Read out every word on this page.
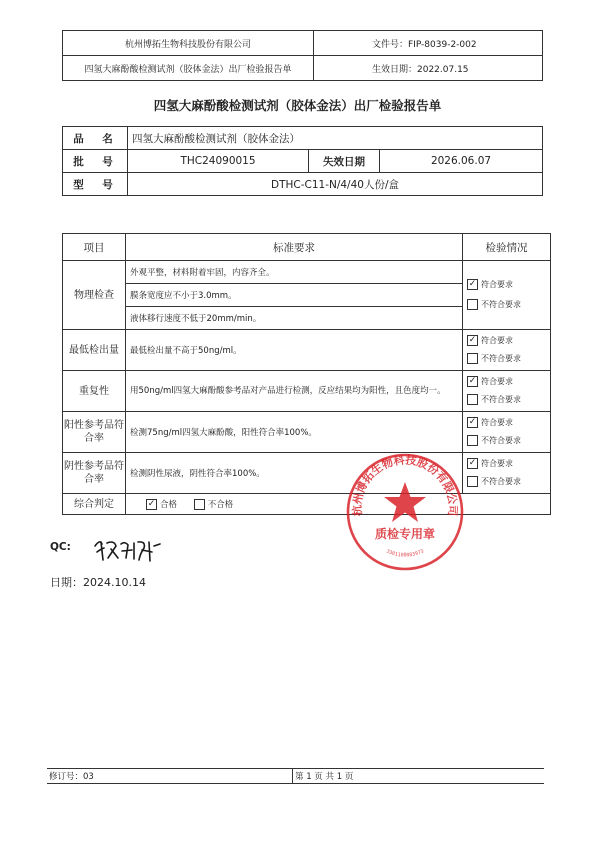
杭州博拓生物科技股份有限公司	文件号：FIP-8039-2-002
四氢大麻酚酸检测试剂（胶体金法）出厂检验报告单	生效日期：2022.07.15
四氢大麻酚酸检测试剂（胶体金法）出厂检验报告单
品　名	四氢大麻酚酸检测试剂（胶体金法）		
批　号	THC24090015	失效日期	2026.06.07
型　号	DTHC-C11-N/4/40人份/盒		
项目	标准要求	检验情况
物理检查	外观平整，材料附着牢固，内容齐全。	✓ 符合要求
不符合要求

	膜条宽度应不小于3.0mm。	
	液体移行速度不低于20mm/min。	
最低检出量	最低检出量不高于50ng/ml。	✓ 符合要求
不符合要求

重复性	用50ng/ml四氢大麻酚酸参考品对产品进行检测，反应结果均为阳性，且色度均一。	✓ 符合要求
不符合要求

阳性参考品符合率	检测75ng/ml四氢大麻酚酸，阳性符合率100%。	✓ 符合要求
不符合要求

阴性参考品符合率	检测阴性尿液，阴性符合率100%。	✓ 符合要求
不符合要求

综合判定	✓ 合格 不合格	
QC:
日期：2024.10.14
杭州博拓生物科技股份有限公司
质检专用章
3301100083973
修订号：03	第 1 页 共 1 页
